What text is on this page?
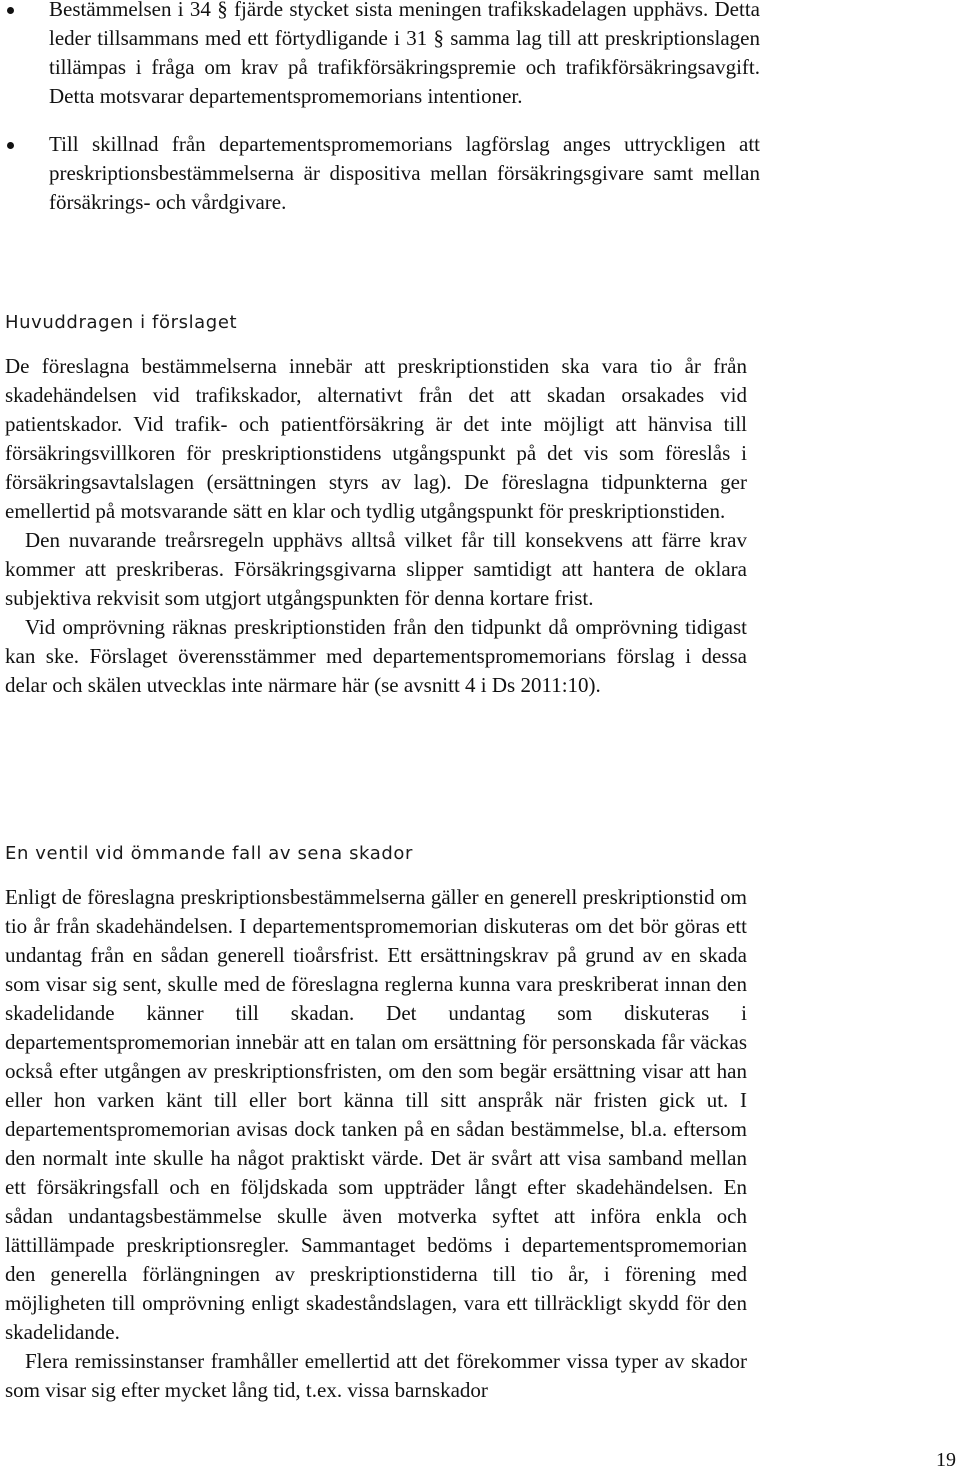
Bestämmelsen i 34 § fjärde stycket sista meningen trafikskadelagen upphävs. Detta leder tillsammans med ett förtydligande i 31 § samma lag till att preskriptionslagen tillämpas i fråga om krav på trafikförsäkringspremie och trafikförsäkringsavgift. Detta motsvarar departementspromemorians intentioner.
Till skillnad från departementspromemorians lagförslag anges uttryckligen att preskriptionsbestämmelserna är dispositiva mellan försäkringsgivare samt mellan försäkrings- och vårdgivare.
Huvuddragen i förslaget

De föreslagna bestämmelserna innebär att preskriptionstiden ska vara tio år från skadehändelsen vid trafikskador, alternativt från det att skadan orsakades vid patientskador. Vid trafik- och patientförsäkring är det inte möjligt att hänvisa till försäkringsvillkoren för preskriptionstidens utgångspunkt på det vis som föreslås i försäkringsavtalslagen (ersättningen styrs av lag). De föreslagna tidpunkterna ger emellertid på motsvarande sätt en klar och tydlig utgångspunkt för preskriptionstiden.

Den nuvarande treårsregeln upphävs alltså vilket får till konsekvens att färre krav kommer att preskriberas. Försäkringsgivarna slipper samtidigt att hantera de oklara subjektiva rekvisit som utgjort utgångspunkten för denna kortare frist.

Vid omprövning räknas preskriptionstiden från den tidpunkt då omprövning tidigast kan ske. Förslaget överensstämmer med departementspromemorians förslag i dessa delar och skälen utvecklas inte närmare här (se avsnitt 4 i Ds 2011:10).

En ventil vid ömmande fall av sena skador

Enligt de föreslagna preskriptionsbestämmelserna gäller en generell preskriptionstid om tio år från skadehändelsen. I departementspromemorian diskuteras om det bör göras ett undantag från en sådan generell tioårsfrist. Ett ersättningskrav på grund av en skada som visar sig sent, skulle med de föreslagna reglerna kunna vara preskriberat innan den skadelidande känner till skadan. Det undantag som diskuteras i departementspromemorian innebär att en talan om ersättning för personskada får väckas också efter utgången av preskriptionsfristen, om den som begär ersättning visar att han eller hon varken känt till eller bort känna till sitt anspråk när fristen gick ut. I departementspromemorian avisas dock tanken på en sådan bestämmelse, bl.a. eftersom den normalt inte skulle ha något praktiskt värde. Det är svårt att visa samband mellan ett försäkringsfall och en följdskada som uppträder långt efter skadehändelsen. En sådan undantagsbestämmelse skulle även motverka syftet att införa enkla och lättillämpade preskriptionsregler. Sammantaget bedöms i departementspromemorian den generella förlängningen av preskriptionstiderna till tio år, i förening med möjligheten till omprövning enligt skadeståndslagen, vara ett tillräckligt skydd för den skadelidande.

Flera remissinstanser framhåller emellertid att det förekommer vissa typer av skador som visar sig efter mycket lång tid, t.ex. vissa barnskador

19
